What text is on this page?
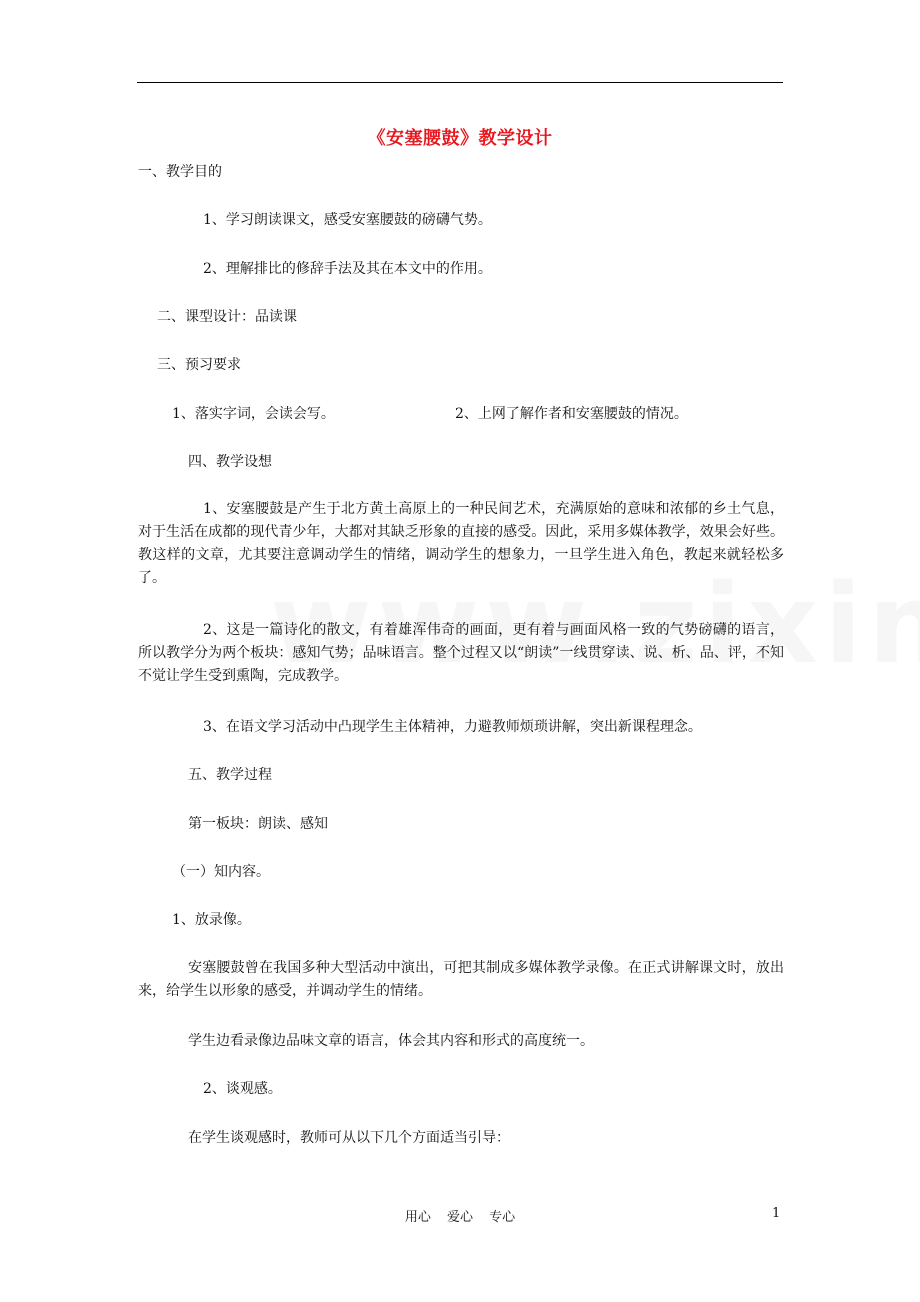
《安塞腰鼓》教学设计
一、教学目的
1、学习朗读课文，感受安塞腰鼓的磅礴气势。
2、理解排比的修辞手法及其在本文中的作用。
二、课型设计：品读课
三、预习要求
1、落实字词，会读会写。	2、上网了解作者和安塞腰鼓的情况。
四、教学设想
1、安塞腰鼓是产生于北方黄土高原上的一种民间艺术，充满原始的意味和浓郁的乡土气息，对于生活在成都的现代青少年，大都对其缺乏形象的直接的感受。因此，采用多媒体教学，效果会好些。教这样的文章，尤其要注意调动学生的情绪，调动学生的想象力，一旦学生进入角色，教起来就轻松多了。
2、这是一篇诗化的散文，有着雄浑伟奇的画面，更有着与画面风格一致的气势磅礴的语言，所以教学分为两个板块：感知气势；品味语言。整个过程又以“朗读”一线贯穿读、说、析、品、评，不知不觉让学生受到熏陶，完成教学。
3、在语文学习活动中凸现学生主体精神，力避教师烦琐讲解，突出新课程理念。
五、教学过程
第一板块：朗读、感知
（一）知内容。
1、放录像。
安塞腰鼓曾在我国多种大型活动中演出，可把其制成多媒体教学录像。在正式讲解课文时，放出来，给学生以形象的感受，并调动学生的情绪。
学生边看录像边品味文章的语言，体会其内容和形式的高度统一。
2、谈观感。
在学生谈观感时，教师可从以下几个方面适当引导：
用心 爱心 专心	1
